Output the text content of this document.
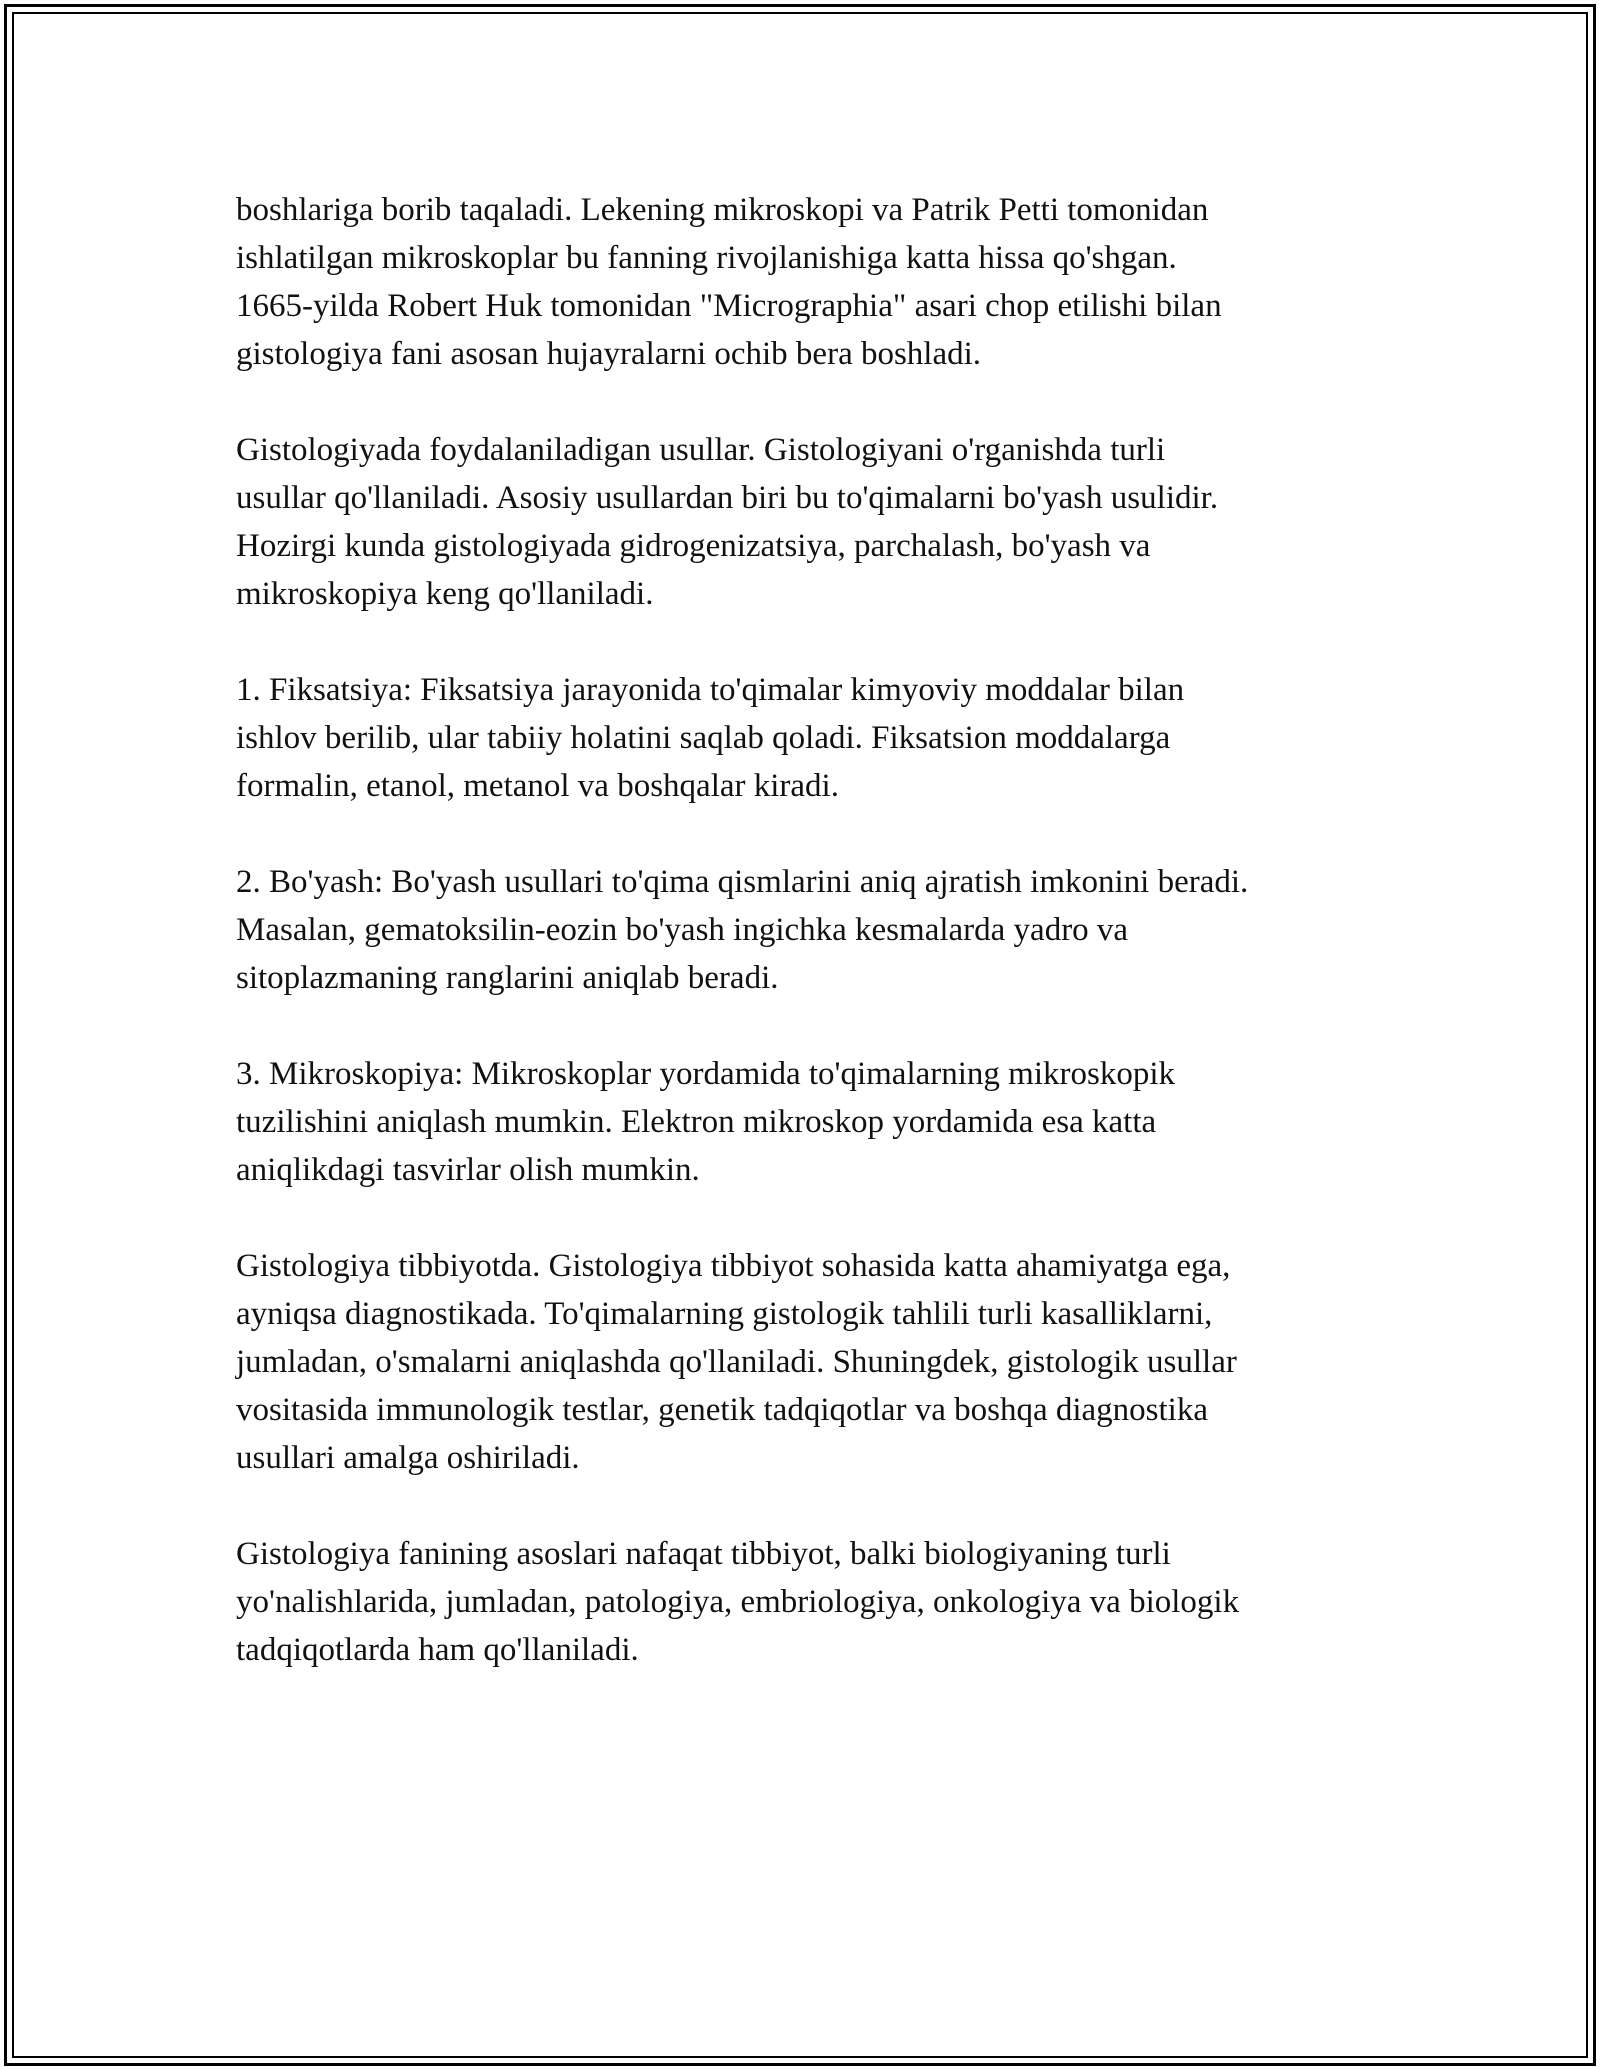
boshlariga borib taqaladi. Lekening mikroskopi va Patrik Petti tomonidan
ishlatilgan mikroskoplar bu fanning rivojlanishiga katta hissa qo'shgan.
1665-yilda Robert Huk tomonidan "Micrographia" asari chop etilishi bilan
gistologiya fani asosan hujayralarni ochib bera boshladi.

Gistologiyada foydalaniladigan usullar. Gistologiyani o'rganishda turli
usullar qo'llaniladi. Asosiy usullardan biri bu to'qimalarni bo'yash usulidir.
Hozirgi kunda gistologiyada gidrogenizatsiya, parchalash, bo'yash va
mikroskopiya keng qo'llaniladi.

1. Fiksatsiya: Fiksatsiya jarayonida to'qimalar kimyoviy moddalar bilan
ishlov berilib, ular tabiiy holatini saqlab qoladi. Fiksatsion moddalarga
formalin, etanol, metanol va boshqalar kiradi.

2. Bo'yash: Bo'yash usullari to'qima qismlarini aniq ajratish imkonini beradi.
Masalan, gematoksilin-eozin bo'yash ingichka kesmalarda yadro va
sitoplazmaning ranglarini aniqlab beradi.

3. Mikroskopiya: Mikroskoplar yordamida to'qimalarning mikroskopik
tuzilishini aniqlash mumkin. Elektron mikroskop yordamida esa katta
aniqlikdagi tasvirlar olish mumkin.

Gistologiya tibbiyotda. Gistologiya tibbiyot sohasida katta ahamiyatga ega,
ayniqsa diagnostikada. To'qimalarning gistologik tahlili turli kasalliklarni,
jumladan, o'smalarni aniqlashda qo'llaniladi. Shuningdek, gistologik usullar
vositasida immunologik testlar, genetik tadqiqotlar va boshqa diagnostika
usullari amalga oshiriladi.

Gistologiya fanining asoslari nafaqat tibbiyot, balki biologiyaning turli
yo'nalishlarida, jumladan, patologiya, embriologiya, onkologiya va biologik
tadqiqotlarda ham qo'llaniladi.
